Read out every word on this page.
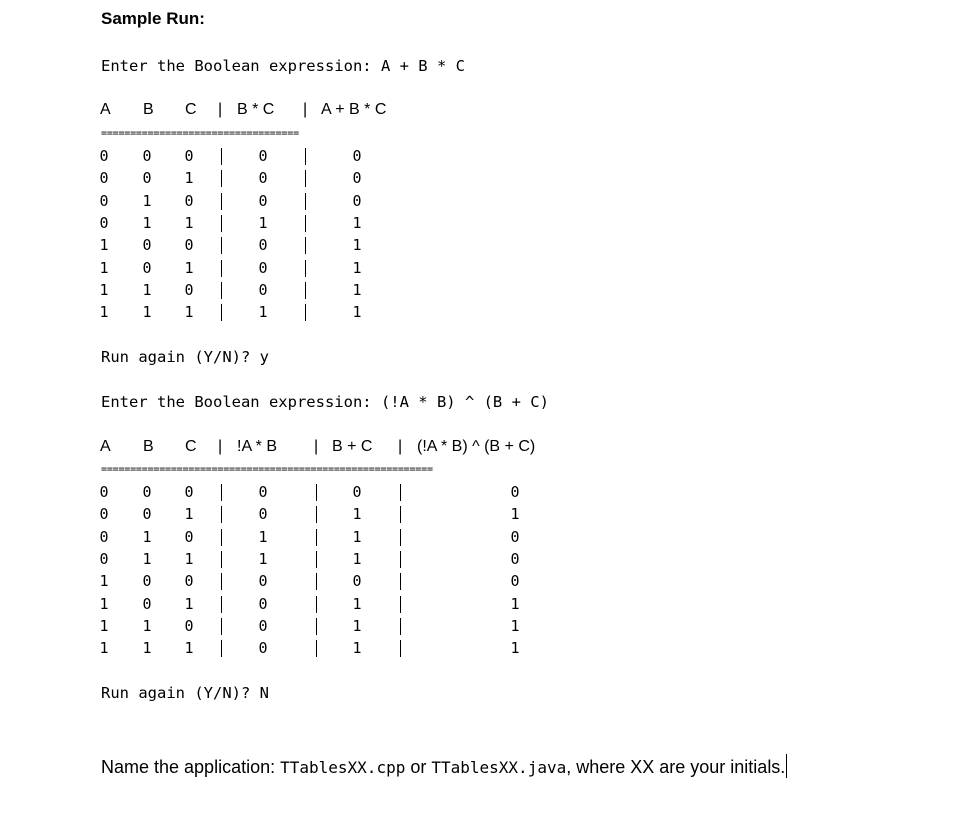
Sample Run:
Enter the Boolean expression: A + B * C
A B C | B * C | A + B * C
==================================
0 0 0	0	0
0 0 1	0	0
0 1 0	0	0
0 1 1	1	1
1 0 0	0	1
1 0 1	0	1
1 1 0	0	1
1 1 1	1	1
Run again (Y/N)? y
Enter the Boolean expression: (!A * B) ^ (B + C)
A B C | !A * B | B + C | (!A * B) ^ (B + C)
=========================================================
0 0 0	0	0	0
0 0 1	0	1	1
0 1 0	1	1	0
0 1 1	1	1	0
1 0 0	0	0	0
1 0 1	0	1	1
1 1 0	0	1	1
1 1 1	0	1	1
Run again (Y/N)? N
Name the application: TTablesXX.cpp or TTablesXX.java, where XX are your initials.
